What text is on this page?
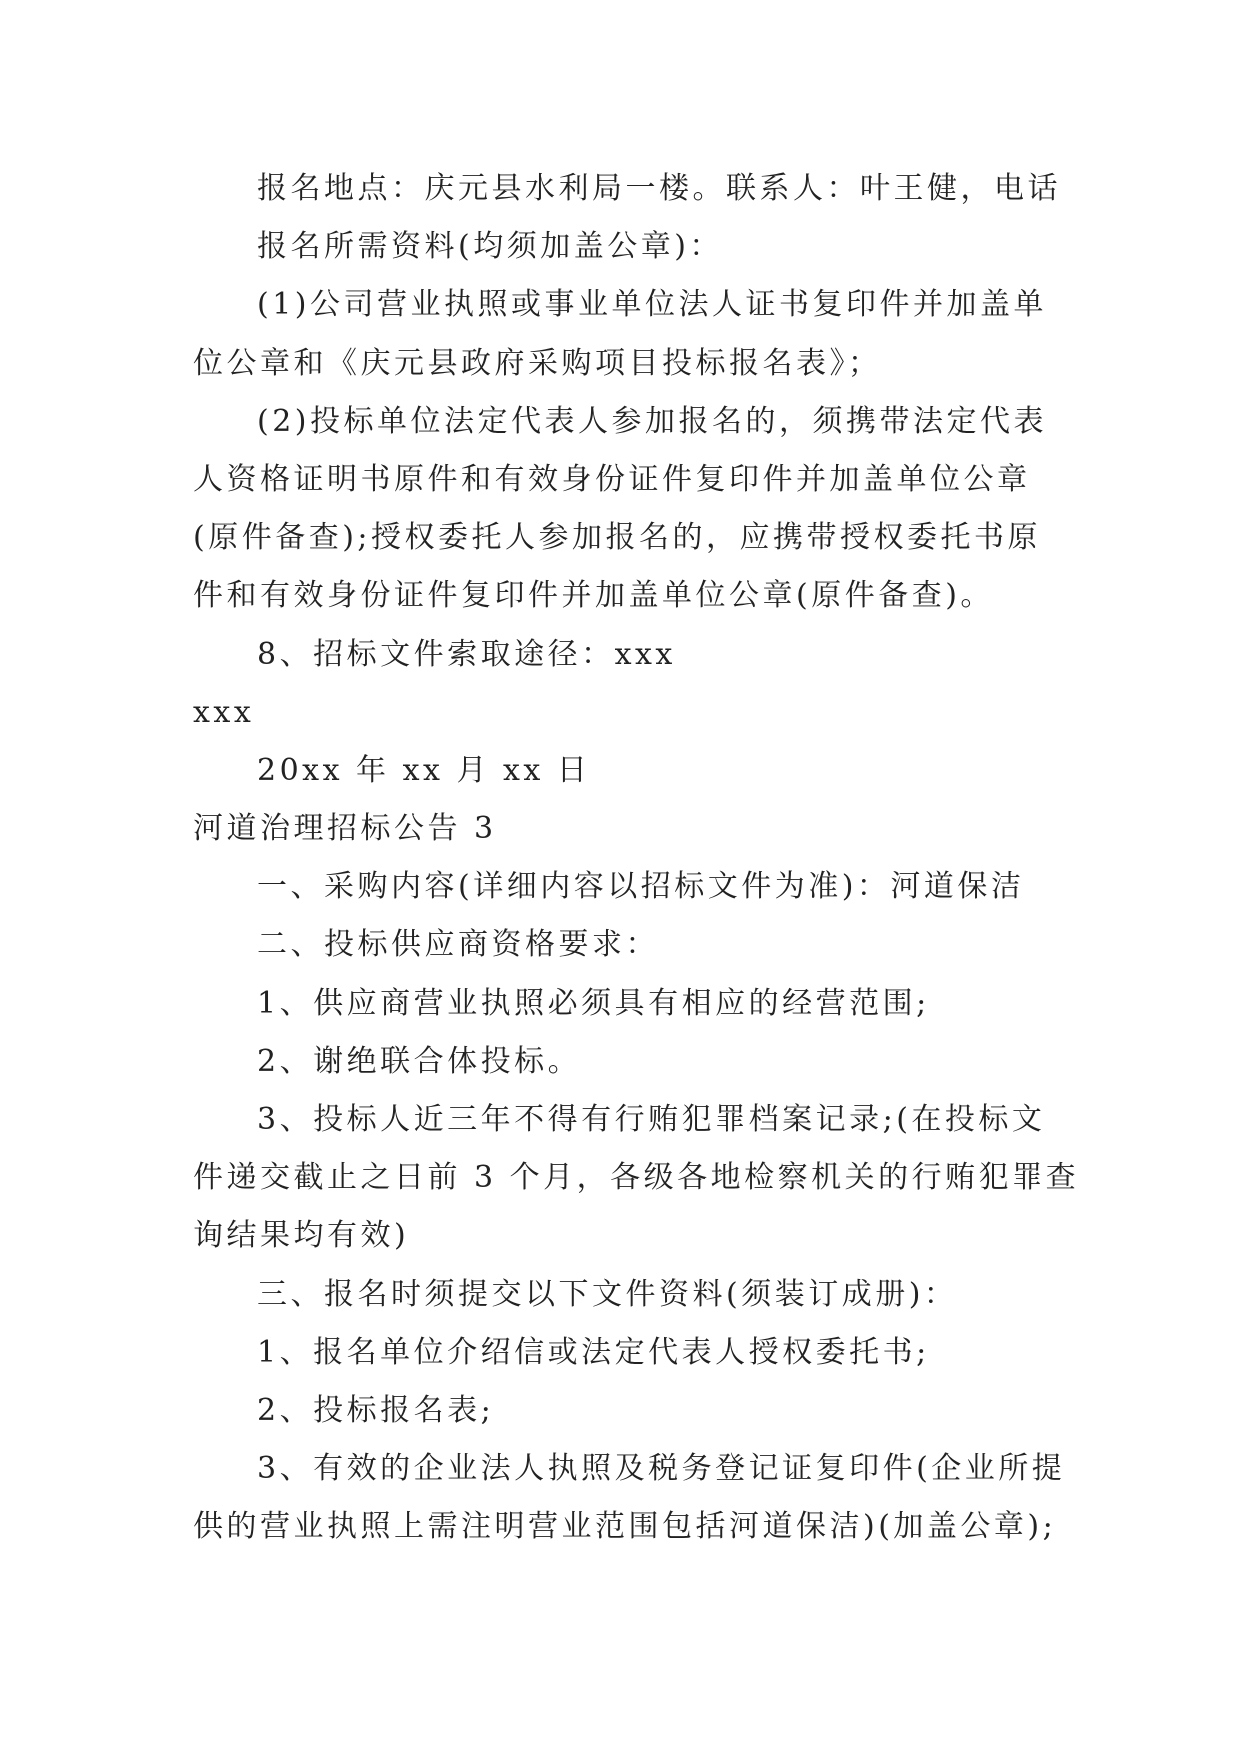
报名地点：庆元县水利局一楼。联系人：叶王健，电话
报名所需资料(均须加盖公章)：
(1)公司营业执照或事业单位法人证书复印件并加盖单
位公章和《庆元县政府采购项目投标报名表》；
(2)投标单位法定代表人参加报名的，须携带法定代表
人资格证明书原件和有效身份证件复印件并加盖单位公章
(原件备查);授权委托人参加报名的，应携带授权委托书原
件和有效身份证件复印件并加盖单位公章(原件备查)。
8、招标文件索取途径：xxx
xxx
20xx 年 xx 月 xx 日
河道治理招标公告 3
一、采购内容(详细内容以招标文件为准)：河道保洁
二、投标供应商资格要求：
1、供应商营业执照必须具有相应的经营范围;
2、谢绝联合体投标。
3、投标人近三年不得有行贿犯罪档案记录;(在投标文
件递交截止之日前 3 个月，各级各地检察机关的行贿犯罪查
询结果均有效)
三、报名时须提交以下文件资料(须装订成册)：
1、报名单位介绍信或法定代表人授权委托书;
2、投标报名表;
3、有效的企业法人执照及税务登记证复印件(企业所提
供的营业执照上需注明营业范围包括河道保洁)(加盖公章);
